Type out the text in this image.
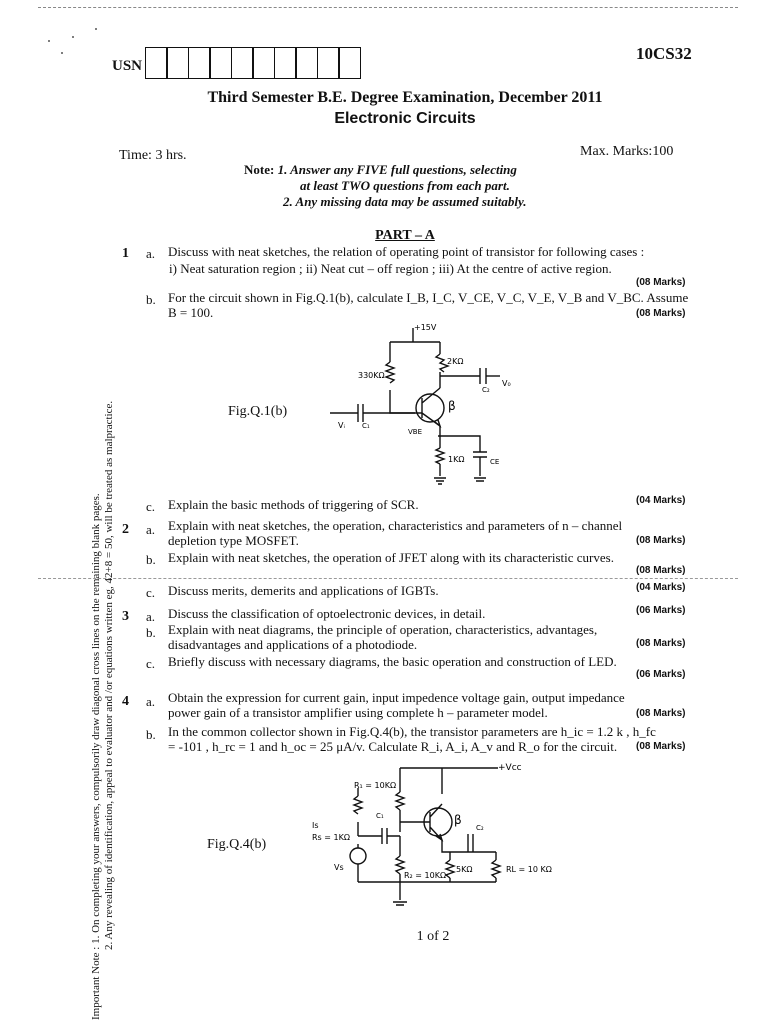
USN
10CS32
Third Semester B.E. Degree Examination, December 2011
Electronic Circuits
Time: 3 hrs.	Max. Marks:100
Note: 1. Answer any FIVE full questions, selecting
at least TWO questions from each part.
2. Any missing data may be assumed suitably.
PART – A
1 a. Discuss with neat sketches, the relation of operating point of transistor for following cases :
i) Neat saturation region ; ii) Neat cut – off region ; iii) At the centre of active region.
(08 Marks)
b. For the circuit shown in Fig.Q.1(b), calculate I_B, I_C, V_CE, V_C, V_E, V_B and V_BC. Assume
B = 100.	(08 Marks)
Fig.Q.1(b)
+15V
330KΩ
2KΩ
1KΩ
C₂
V₀
Vᵢ C₁
VBE
β
CE
c. Explain the basic methods of triggering of SCR.	(04 Marks)
2 a. Explain with neat sketches, the operation, characteristics and parameters of n – channel
depletion type MOSFET.	(08 Marks)
b. Explain with neat sketches, the operation of JFET along with its characteristic curves.
(08 Marks)
c. Discuss merits, demerits and applications of IGBTs.	(04 Marks)
3 a. Discuss the classification of optoelectronic devices, in detail.	(06 Marks)
b. Explain with neat diagrams, the principle of operation, characteristics, advantages,
disadvantages and applications of a photodiode.	(08 Marks)
c. Briefly discuss with necessary diagrams, the basic operation and construction of LED.
(06 Marks)
4 a. Obtain the expression for current gain, input impedence voltage gain, output impedance
power gain of a transistor amplifier using complete h – parameter model.	(08 Marks)
b. In the common collector shown in Fig.Q.4(b), the transistor parameters are h_ic = 1.2 k , h_fc
= -101 , h_rc = 1 and h_oc = 25 μA/v. Calculate R_i, A_i, A_v and R_o for the circuit.	(08 Marks)
Fig.Q.4(b)
+Vcc
R₁ = 10KΩ
Is
Rs = 1KΩ
C₁
C₂
Vs
R₂ = 10KΩ
5KΩ	RL = 10 KΩ
β
Important Note : 1. On completing your answers, compulsorily draw diagonal cross lines on the remaining blank pages. 2. Any revealing of identification, appeal to evaluator and /or equations written eg, 42+8 = 50, will be treated as malpractice.	1 of 2
